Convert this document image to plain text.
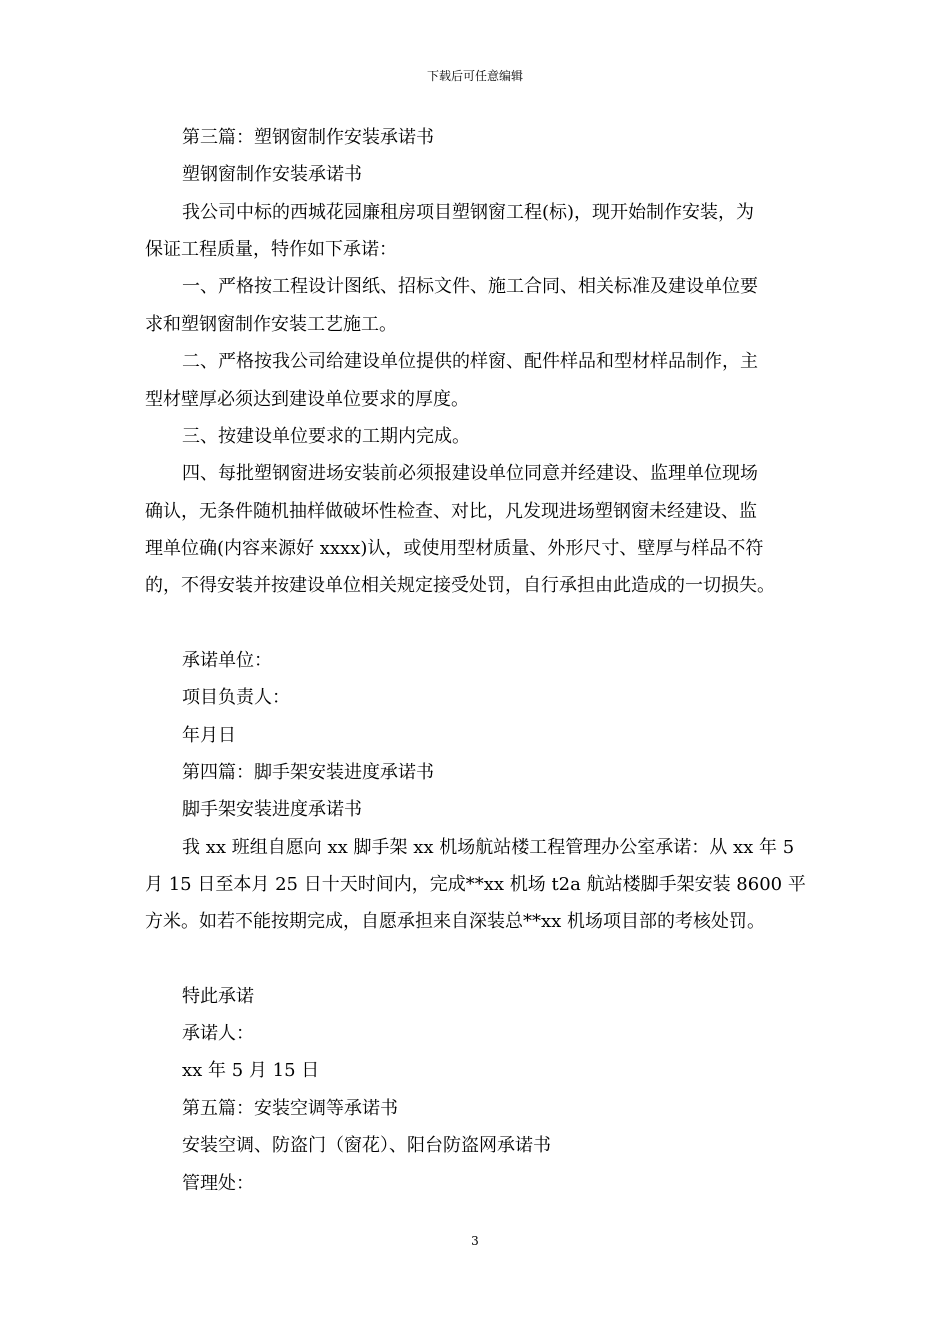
下载后可任意编辑
第三篇：塑钢窗制作安装承诺书
塑钢窗制作安装承诺书
我公司中标的西城花园廉租房项目塑钢窗工程(标)，现开始制作安装，为
保证工程质量，特作如下承诺：
一、严格按工程设计图纸、招标文件、施工合同、相关标准及建设单位要
求和塑钢窗制作安装工艺施工。
二、严格按我公司给建设单位提供的样窗、配件样品和型材样品制作，主
型材壁厚必须达到建设单位要求的厚度。
三、按建设单位要求的工期内完成。
四、每批塑钢窗进场安装前必须报建设单位同意并经建设、监理单位现场
确认，无条件随机抽样做破坏性检查、对比，凡发现进场塑钢窗未经建设、监
理单位确(内容来源好 xxxx)认，或使用型材质量、外形尺寸、壁厚与样品不符
的，不得安装并按建设单位相关规定接受处罚，自行承担由此造成的一切损失。
承诺单位：
项目负责人：
年月日
第四篇：脚手架安装进度承诺书
脚手架安装进度承诺书
我 xx 班组自愿向 xx 脚手架 xx 机场航站楼工程管理办公室承诺：从 xx 年 5
月 15 日至本月 25 日十天时间内，完成**xx 机场 t2a 航站楼脚手架安装 8600 平
方米。如若不能按期完成，自愿承担来自深装总**xx 机场项目部的考核处罚。
特此承诺
承诺人：
xx 年 5 月 15 日
第五篇：安装空调等承诺书
安装空调、防盗门（窗花）、阳台防盗网承诺书
管理处：
3
